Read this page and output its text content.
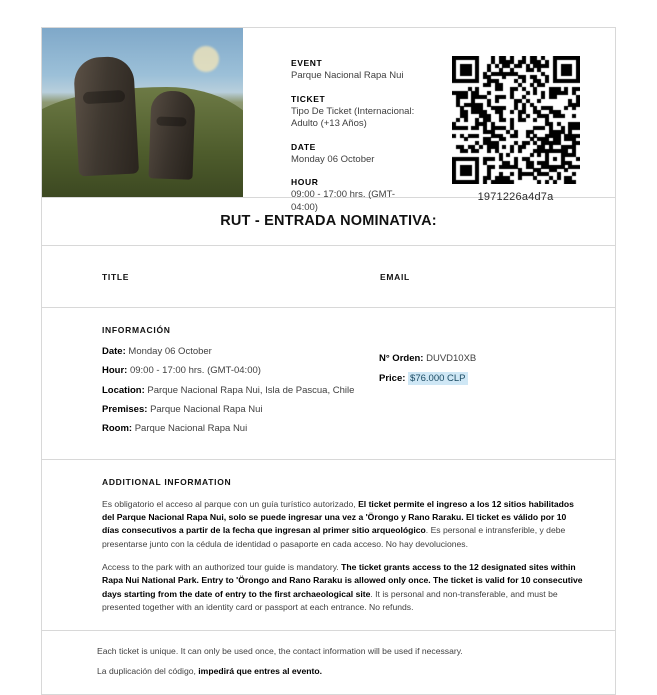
EVENT
Parque Nacional Rapa Nui
TICKET
Tipo De Ticket (Internacional: Adulto (+13 Años)
DATE
Monday 06 October
HOUR
09:00 - 17:00 hrs. (GMT-04:00)
1971226a4d7a
RUT - ENTRADA NOMINATIVA:
TITLE	EMAIL
INFORMACIÓN
Date: Monday 06 October
Hour: 09:00 - 17:00 hrs. (GMT-04:00)
Location: Parque Nacional Rapa Nui, Isla de Pascua, Chile
Premises: Parque Nacional Rapa Nui
Room: Parque Nacional Rapa Nui
N° Orden: DUVD10XB
Price: $76.000 CLP
ADDITIONAL INFORMATION

Es obligatorio el acceso al parque con un guía turístico autorizado, El ticket permite el ingreso a los 12 sitios habilitados del Parque Nacional Rapa Nui, solo se puede ingresar una vez a 'Örongo y Rano Raraku. El ticket es válido por 10 días consecutivos a partir de la fecha que ingresan al primer sitio arqueológico. Es personal e intransferible, y debe presentarse junto con la cédula de identidad o pasaporte en cada acceso. No hay devoluciones.

Access to the park with an authorized tour guide is mandatory. The ticket grants access to the 12 designated sites within Rapa Nui National Park. Entry to 'Örongo and Rano Raraku is allowed only once. The ticket is valid for 10 consecutive days starting from the date of entry to the first archaeological site. It is personal and non-transferable, and must be presented together with an identity card or passport at each entrance. No refunds.

Each ticket is unique. It can only be used once, the contact information will be used if necessary.

La duplicación del código, impedirá que entres al evento.
